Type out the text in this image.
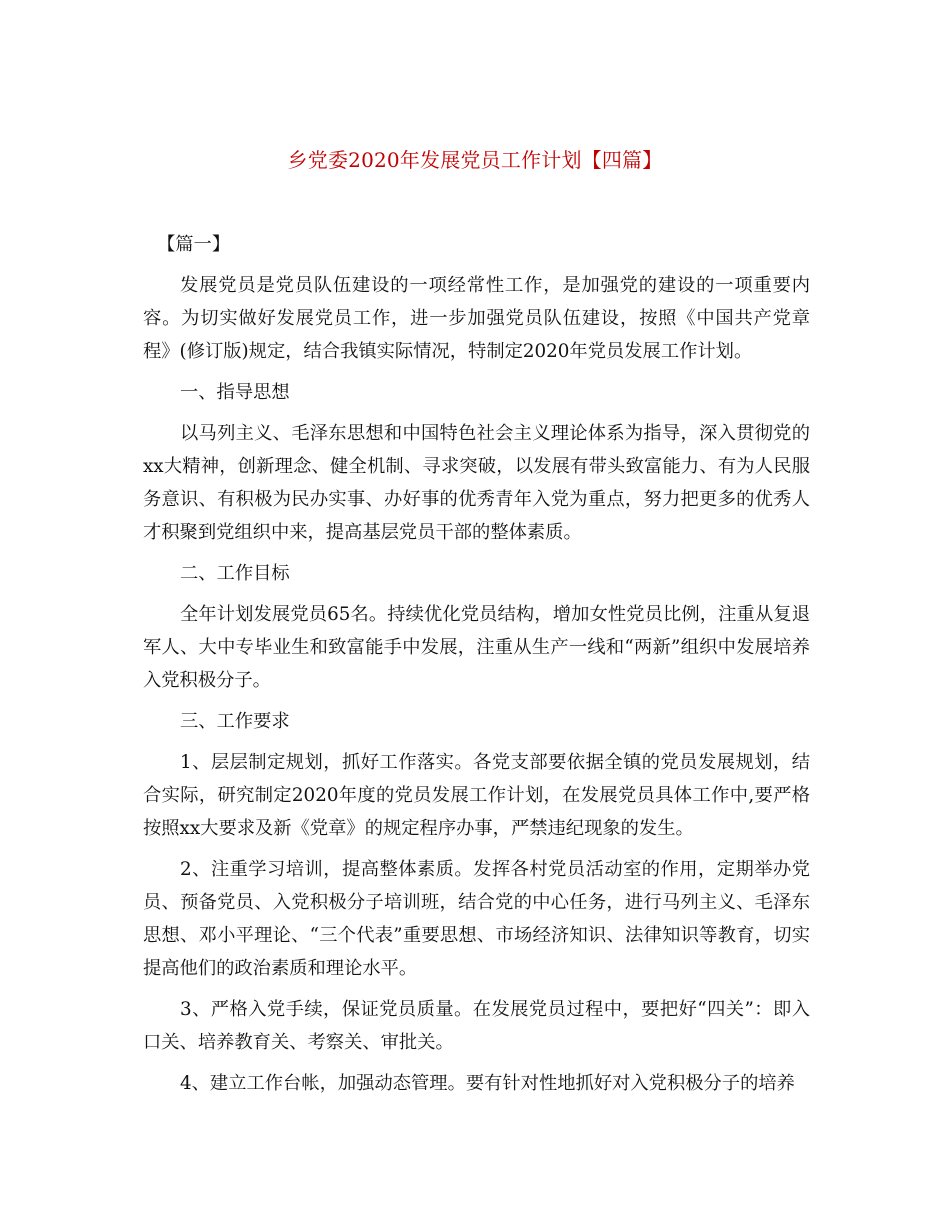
乡党委2020年发展党员工作计划【四篇】

【篇一】

发展党员是党员队伍建设的一项经常性工作，是加强党的建设的一项重要内容。为切实做好发展党员工作，进一步加强党员队伍建设，按照《中国共产党章程》(修订版)规定，结合我镇实际情况，特制定2020年党员发展工作计划。

一、指导思想

以马列主义、毛泽东思想和中国特色社会主义理论体系为指导，深入贯彻党的xx大精神，创新理念、健全机制、寻求突破，以发展有带头致富能力、有为人民服务意识、有积极为民办实事、办好事的优秀青年入党为重点，努力把更多的优秀人才积聚到党组织中来，提高基层党员干部的整体素质。

二、工作目标

全年计划发展党员65名。持续优化党员结构，增加女性党员比例，注重从复退军人、大中专毕业生和致富能手中发展，注重从生产一线和“两新”组织中发展培养入党积极分子。

三、工作要求

1、层层制定规划，抓好工作落实。各党支部要依据全镇的党员发展规划，结合实际，研究制定2020年度的党员发展工作计划，在发展党员具体工作中,要严格按照xx大要求及新《党章》的规定程序办事，严禁违纪现象的发生。

2、注重学习培训，提高整体素质。发挥各村党员活动室的作用，定期举办党员、预备党员、入党积极分子培训班，结合党的中心任务，进行马列主义、毛泽东思想、邓小平理论、“三个代表”重要思想、市场经济知识、法律知识等教育，切实提高他们的政治素质和理论水平。

3、严格入党手续，保证党员质量。在发展党员过程中，要把好“四关”：即入口关、培养教育关、考察关、审批关。

4、建立工作台帐，加强动态管理。要有针对性地抓好对入党积极分子的培养
